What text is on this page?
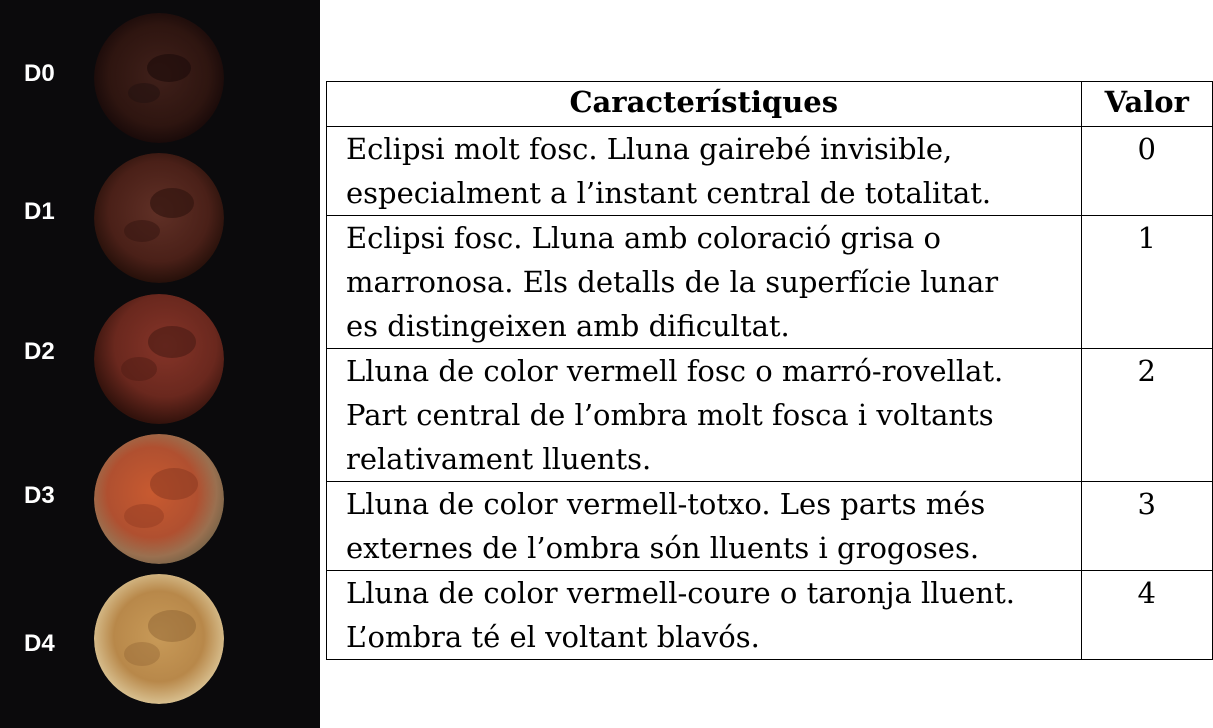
D0
D1
D2
D3
D4
Característiques	Valor
Eclipsi molt fosc. Lluna gairebé invisible,
especialment a l’instant central de totalitat.	0
Eclipsi fosc. Lluna amb coloració grisa o
marronosa. Els detalls de la superfície lunar
es distingeixen amb dificultat.	1
Lluna de color vermell fosc o marró-rovellat.
Part central de l’ombra molt fosca i voltants
relativament lluents.	2
Lluna de color vermell-totxo. Les parts més
externes de l’ombra són lluents i grogoses.	3
Lluna de color vermell-coure o taronja lluent.
L’ombra té el voltant blavós.	4
